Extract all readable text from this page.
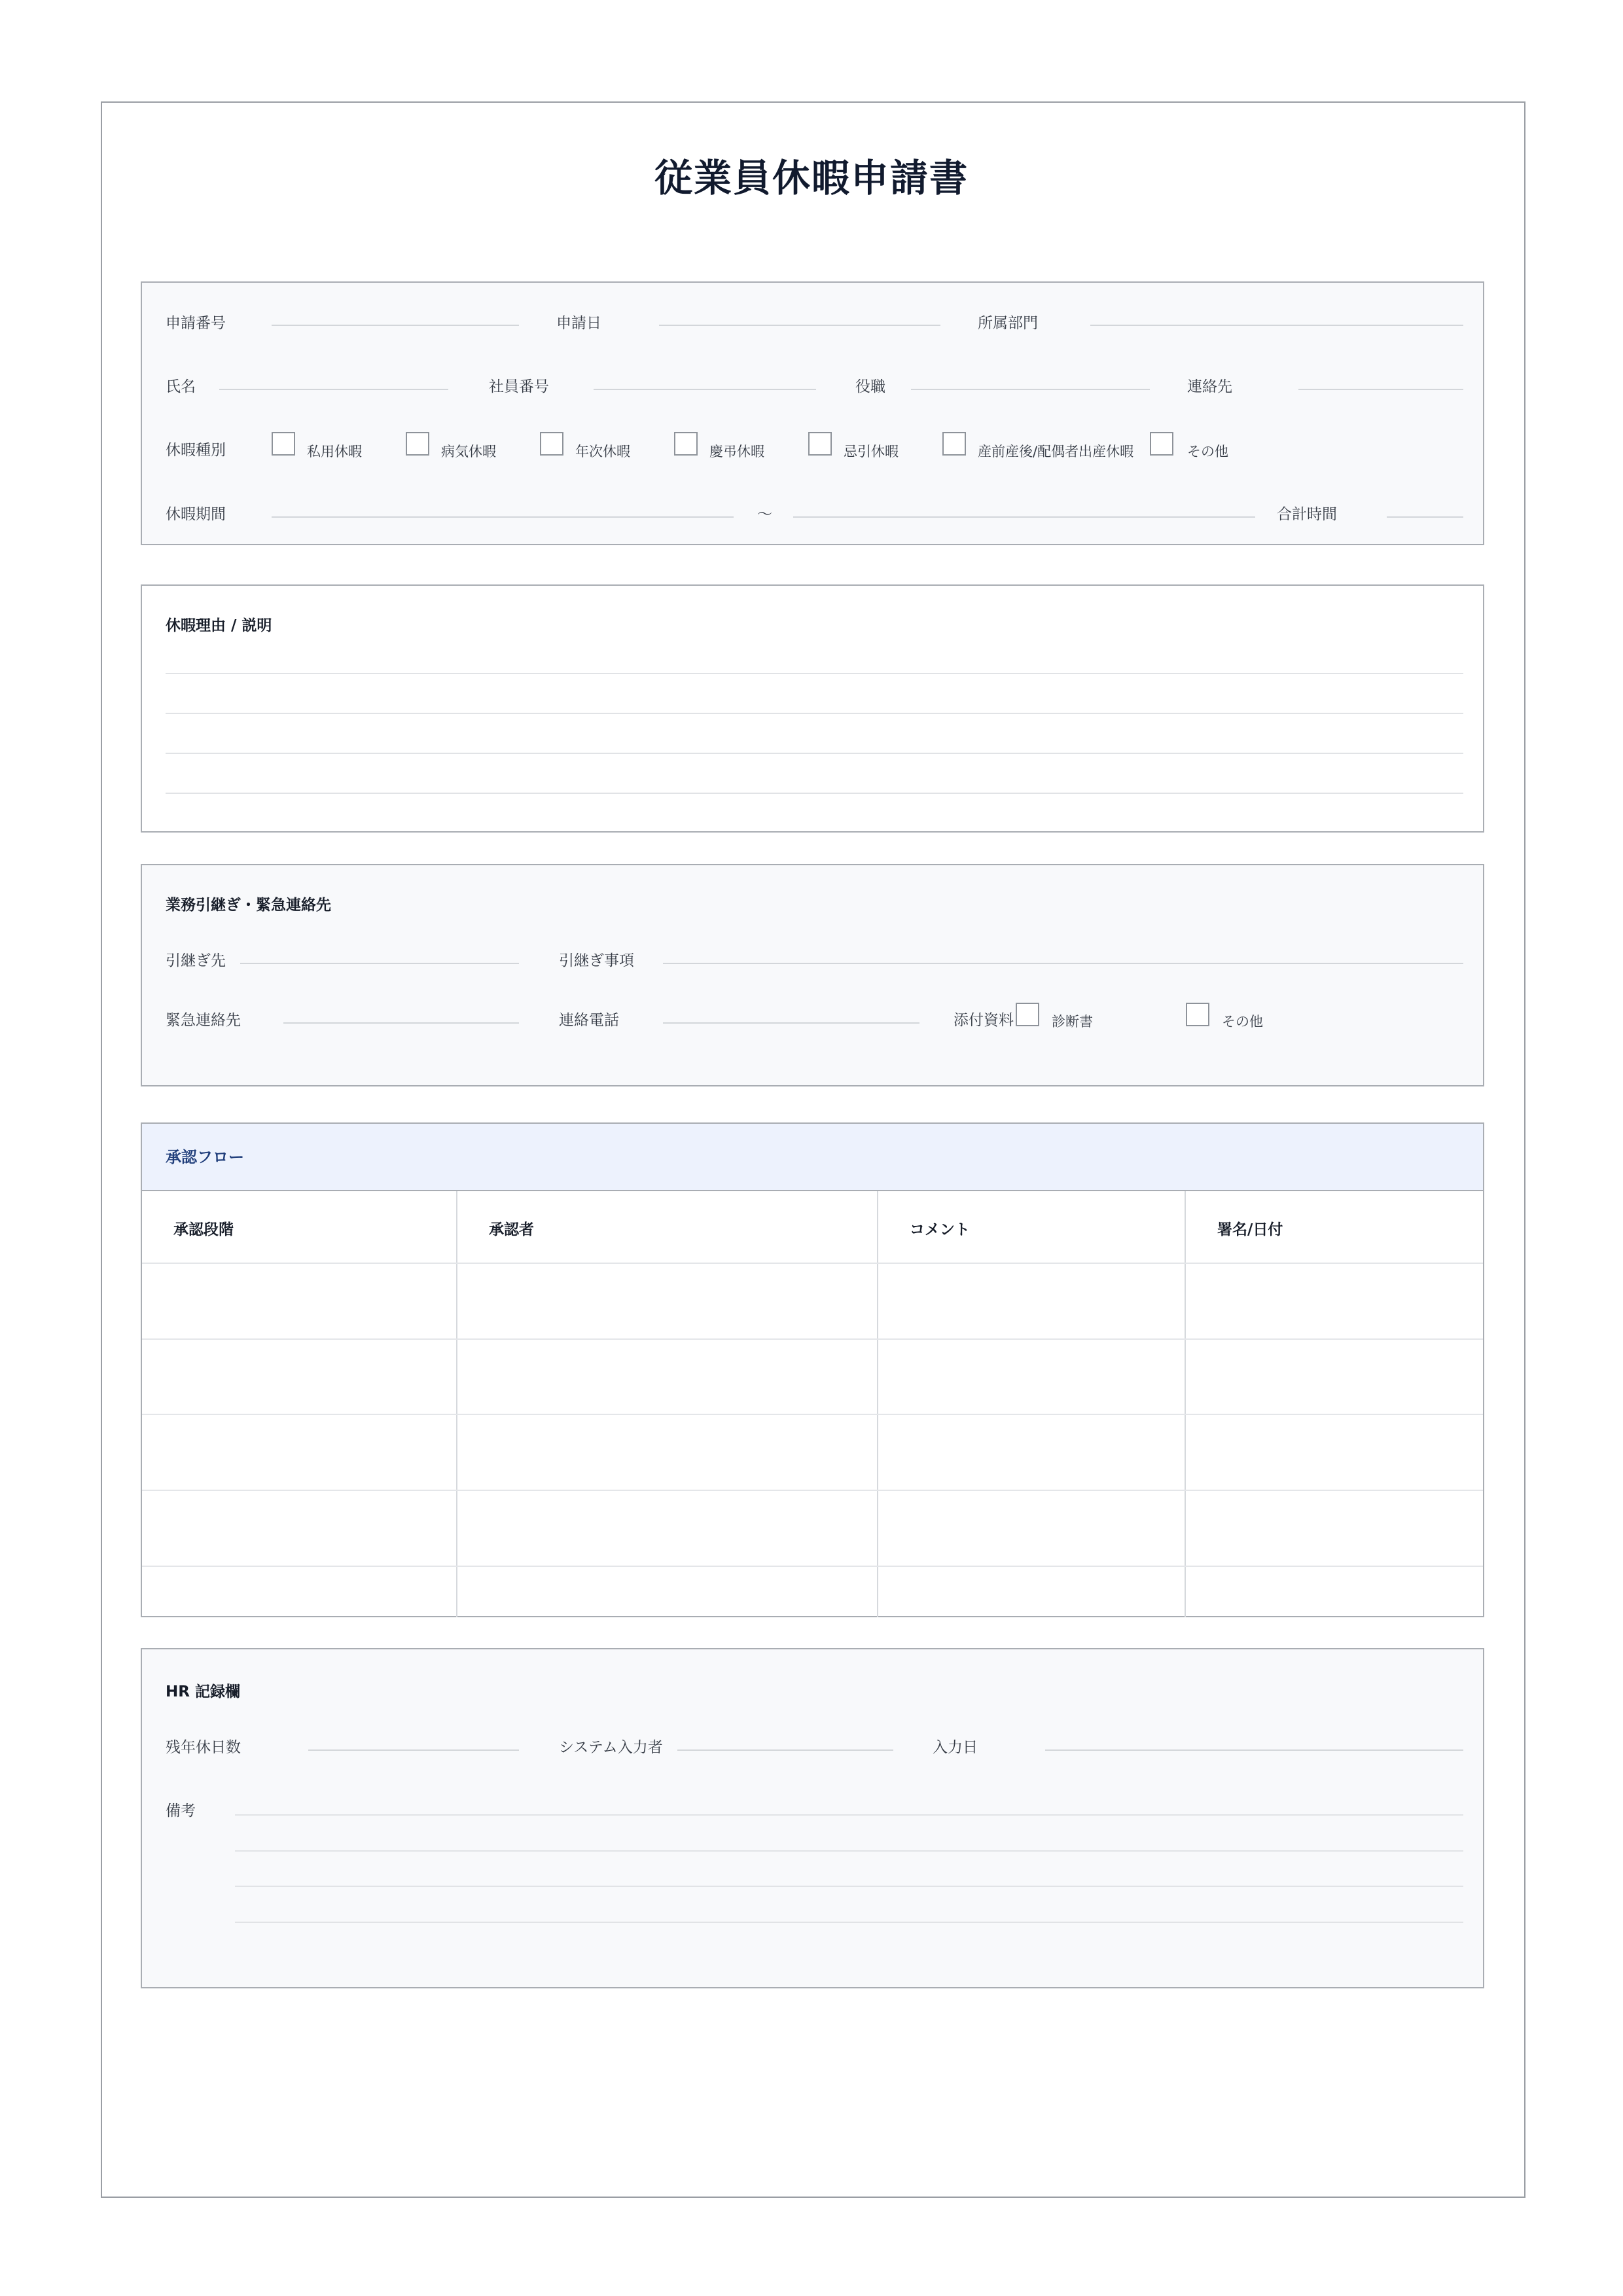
従業員休暇申請書
申請番号	申請日	所属部門
氏名	社員番号	役職	連絡先
休暇種別	私用休暇	病気休暇	年次休暇	慶弔休暇	忌引休暇	産前産後/配偶者出産休暇	その他
休暇期間	～	合計時間
休暇理由 / 説明
業務引継ぎ・緊急連絡先
引継ぎ先	引継ぎ事項
緊急連絡先	連絡電話	添付資料	診断書	その他
承認フロー
承認段階	承認者	コメント	署名/日付
HR 記録欄
残年休日数	システム入力者	入力日
備考
